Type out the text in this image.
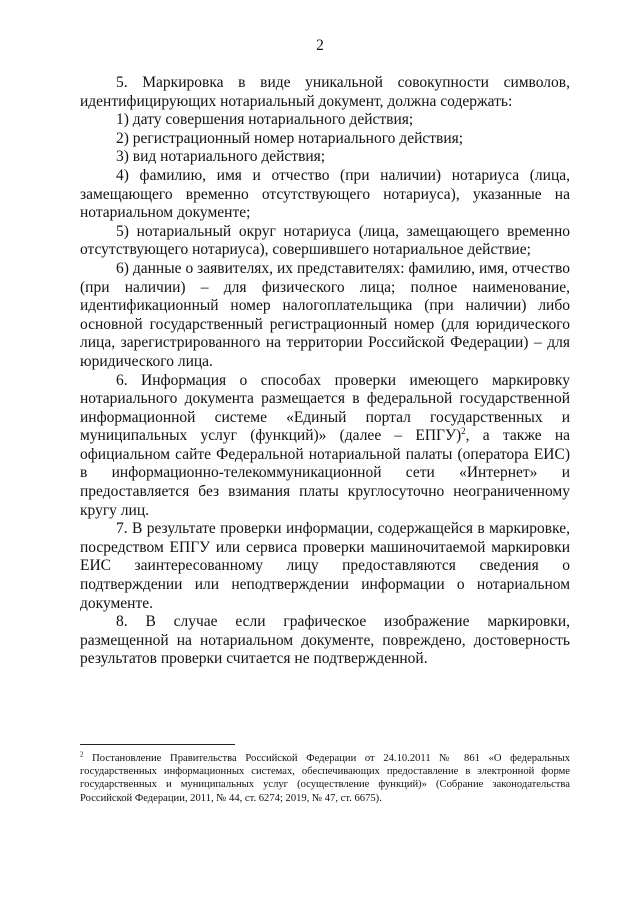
2

5. Маркировка в виде уникальной совокупности символов, идентифицирующих нотариальный документ, должна содержать:

1) дату совершения нотариального действия;

2) регистрационный номер нотариального действия;

3) вид нотариального действия;

4) фамилию, имя и отчество (при наличии) нотариуса (лица, замещающего временно отсутствующего нотариуса), указанные на нотариальном документе;

5) нотариальный округ нотариуса (лица, замещающего временно отсутствующего нотариуса), совершившего нотариальное действие;

6) данные о заявителях, их представителях: фамилию, имя, отчество (при наличии) – для физического лица; полное наименование, идентификационный номер налогоплательщика (при наличии) либо основной государственный регистрационный номер (для юридического лица, зарегистрированного на территории Российской Федерации) – для юридического лица.

6. Информация о способах проверки имеющего маркировку нотариального документа размещается в федеральной государственной информационной системе «Единый портал государственных и муниципальных услуг (функций)» (далее – ЕПГУ)$^2$, а также на официальном сайте Федеральной нотариальной палаты (оператора ЕИС) в информационно-телекоммуникационной сети «Интернет» и предоставляется без взимания платы круглосуточно неограниченному кругу лиц.

7. В результате проверки информации, содержащейся в маркировке, посредством ЕПГУ или сервиса проверки машиночитаемой маркировки ЕИС заинтересованному лицу предоставляются сведения о подтверждении или неподтверждении информации о нотариальном документе.

8. В случае если графическое изображение маркировки, размещенной на нотариальном документе, повреждено, достоверность результатов проверки считается не подтвержденной.

$^2$ Постановление Правительства Российской Федерации от 24.10.2011 № 861 «О федеральных государственных информационных системах, обеспечивающих предоставление в электронной форме государственных и муниципальных услуг (осуществление функций)» (Собрание законодательства Российской Федерации, 2011, № 44, ст. 6274; 2019, № 47, ст. 6675).
